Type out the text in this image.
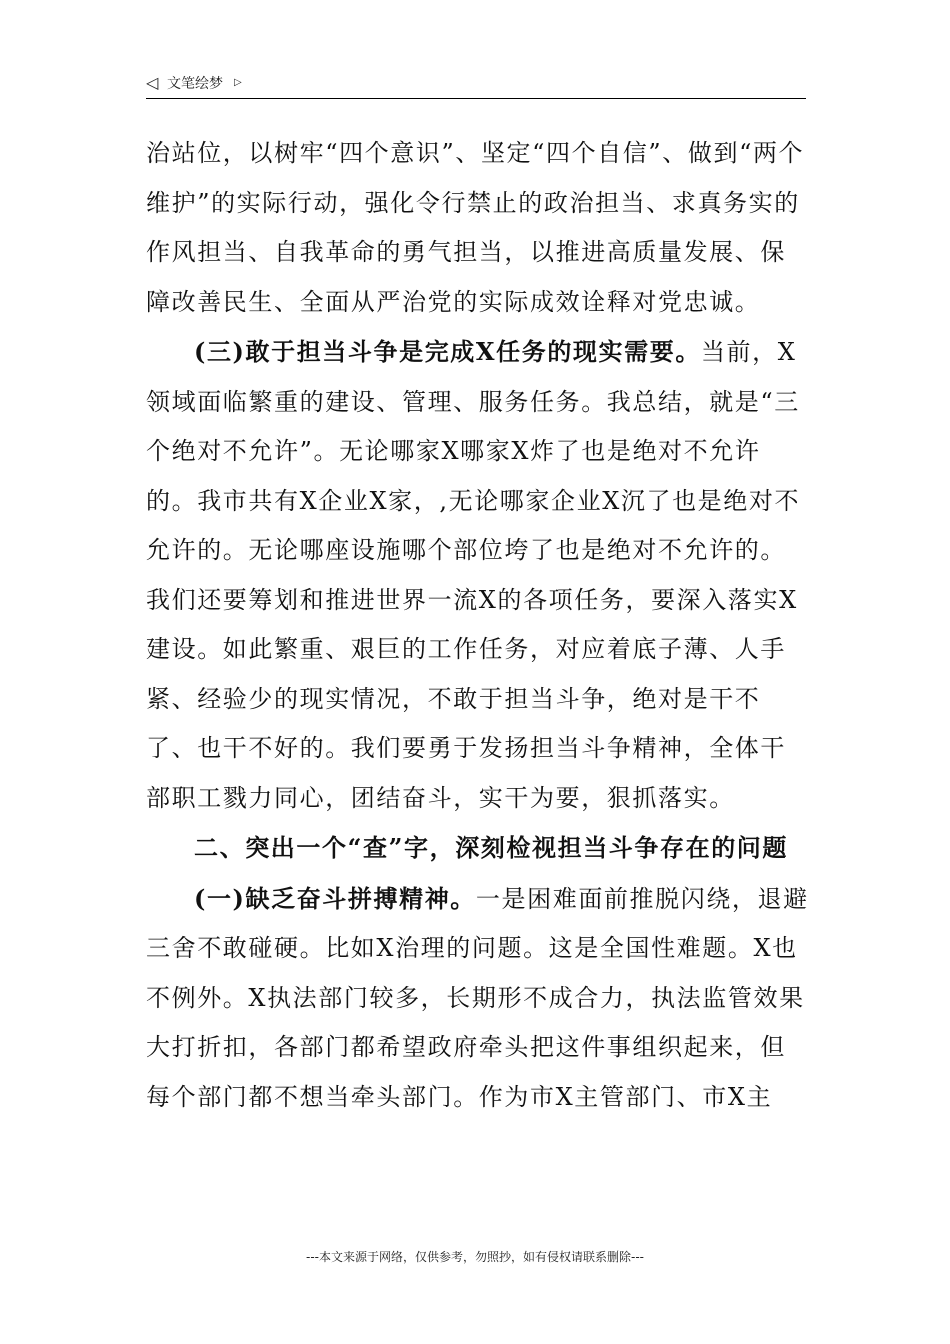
◁ 文笔绘梦 ▷

治站位，以树牢“四个意识”、坚定“四个自信”、做到“两个维护”的实际行动，强化令行禁止的政治担当、求真务实的作风担当、自我革命的勇气担当，以推进高质量发展、保障改善民生、全面从严治党的实际成效诠释对党忠诚。

(三)敢于担当斗争是完成X任务的现实需要。当前，X领域面临繁重的建设、管理、服务任务。我总结，就是“三个绝对不允许”。无论哪家X哪家X炸了也是绝对不允许的。我市共有X企业X家，,无论哪家企业X沉了也是绝对不允许的。无论哪座设施哪个部位垮了也是绝对不允许的。我们还要筹划和推进世界一流X的各项任务，要深入落实X建设。如此繁重、艰巨的工作任务，对应着底子薄、人手紧、经验少的现实情况，不敢于担当斗争，绝对是干不了、也干不好的。我们要勇于发扬担当斗争精神，全体干部职工戮力同心，团结奋斗，实干为要，狠抓落实。

二、突出一个“查”字，深刻检视担当斗争存在的问题

(一)缺乏奋斗拼搏精神。一是困难面前推脱闪绕，退避三舍不敢碰硬。比如X治理的问题。这是全国性难题。X也不例外。X执法部门较多，长期形不成合力，执法监管效果大打折扣，各部门都希望政府牵头把这件事组织起来，但每个部门都不想当牵头部门。作为市X主管部门、市X主

---本文来源于网络，仅供参考，勿照抄，如有侵权请联系删除---
